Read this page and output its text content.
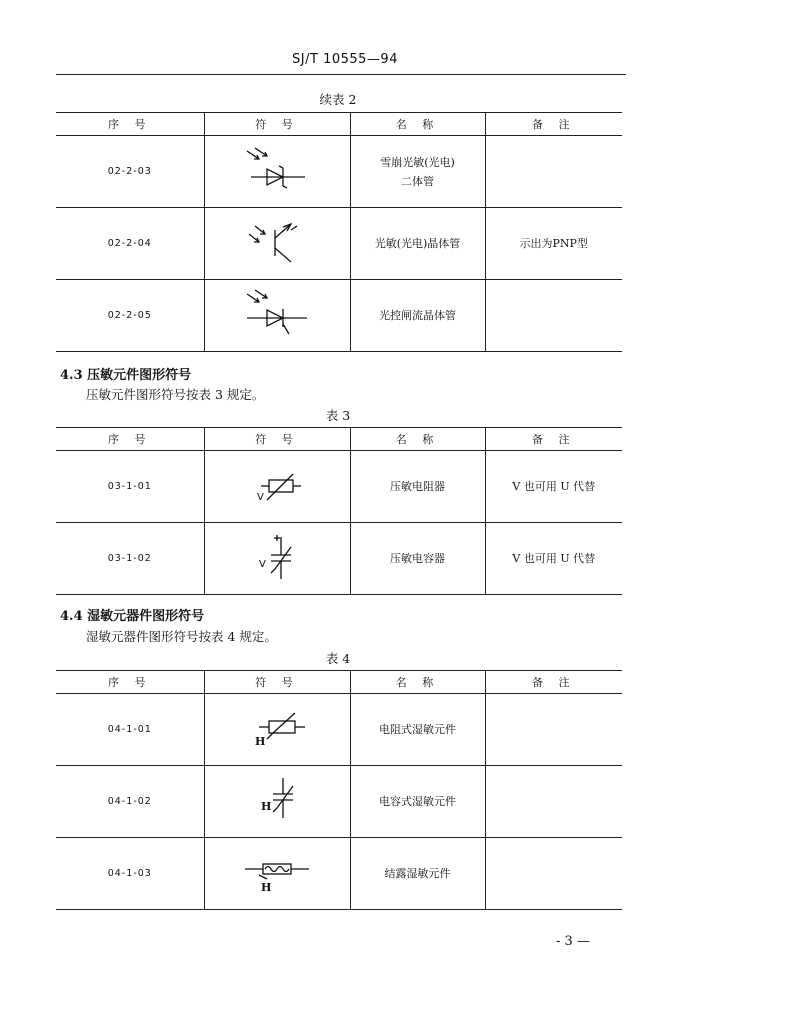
SJ/T 10555—94
续表 2
序 号	符 号	名 称	备 注
02-2-03		雪崩光敏(光电)
二体管	
02-2-04		光敏(光电)晶体管	示出为PNP型
02-2-05		光控闸流晶体管	
4.3 压敏元件图形符号
压敏元件图形符号按表 3 规定。
表 3
序 号	符 号	名 称	备 注
03-1-01	V	压敏电阻器	V 也可用 U 代替
03-1-02	V	压敏电容器	V 也可用 U 代替
4.4 湿敏元器件图形符号
湿敏元器件图形符号按表 4 规定。
表 4
序 号	符 号	名 称	备 注
04-1-01	H	电阻式湿敏元件	
04-1-02	H	电容式湿敏元件	
04-1-03	H	结露湿敏元件	
- 3 —
